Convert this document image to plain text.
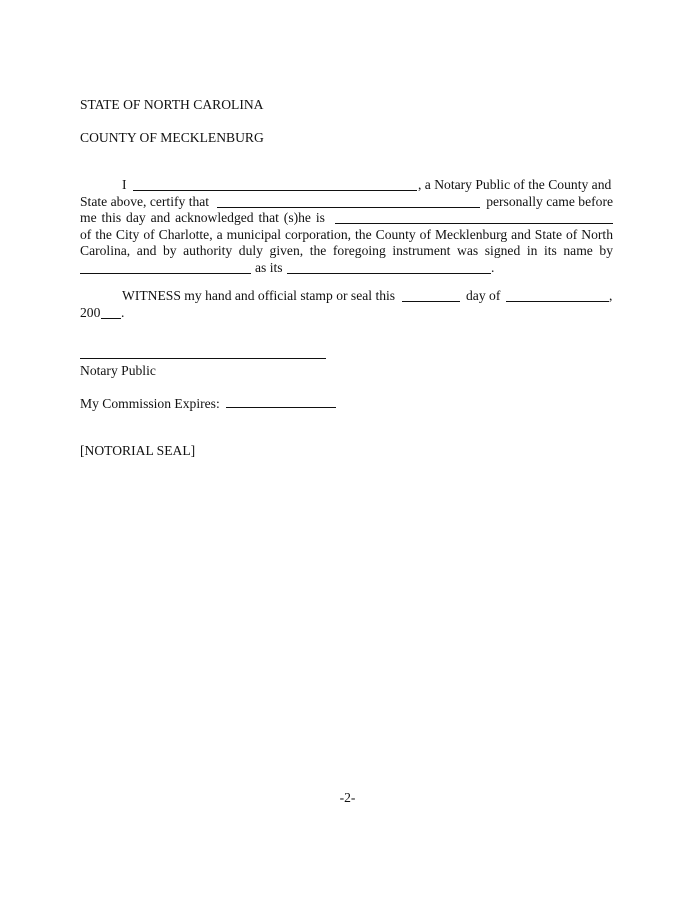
STATE OF NORTH CAROLINA
COUNTY OF MECKLENBURG
I	, a Notary Public of the County and
State above, certify that	personally came before
me this day and acknowledged that (s)he is
of the City of Charlotte, a municipal corporation, the County of Mecklenburg and State of North
Carolina, and by authority duly given, the foregoing instrument was signed in its name by
as its	.
WITNESS my hand and official stamp or seal this	day of	,
200 .
Notary Public
My Commission Expires:
[NOTORIAL SEAL]
-2-
